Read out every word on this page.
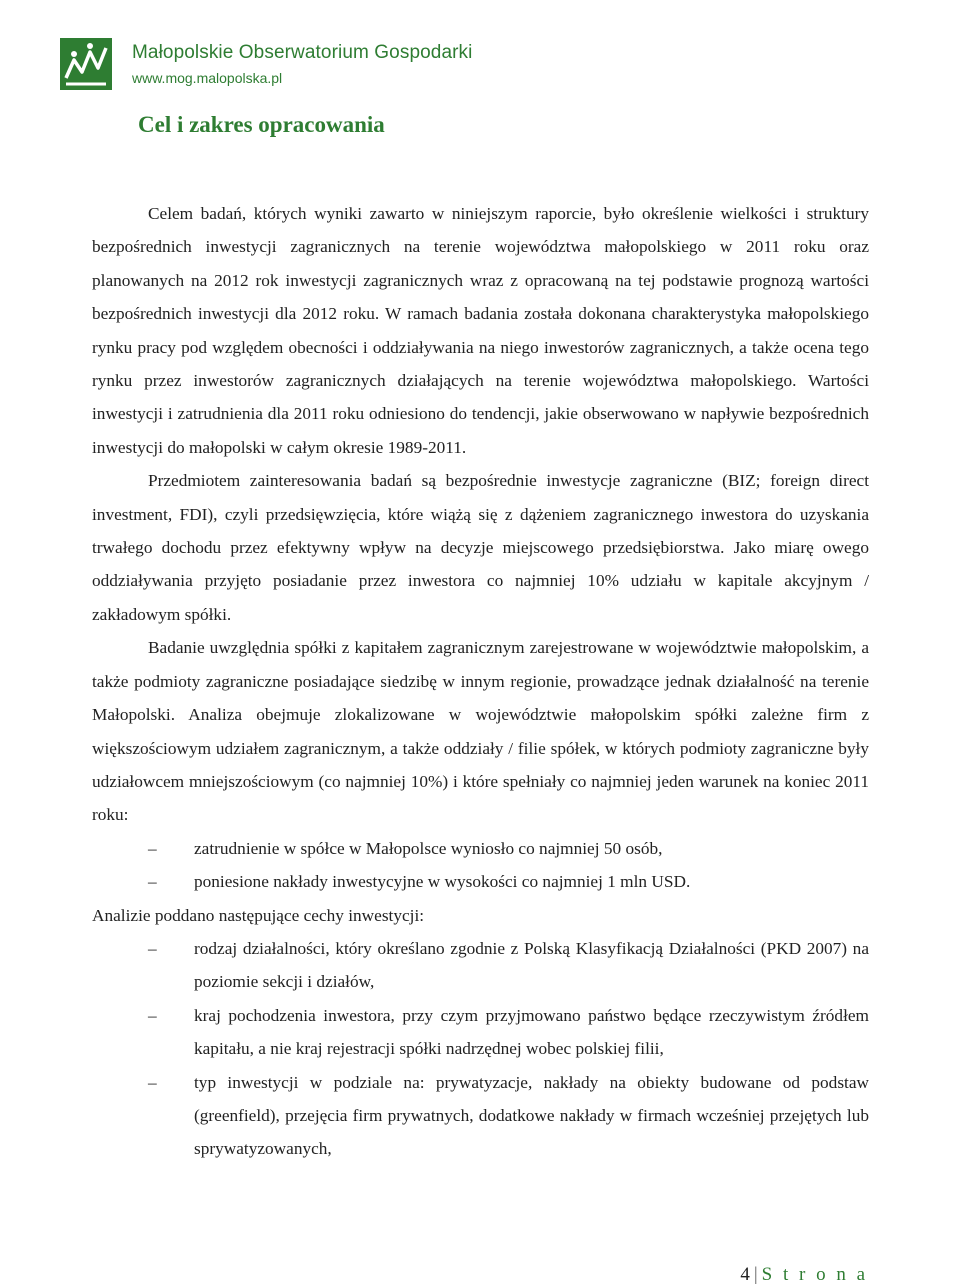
Małopolskie Obserwatorium Gospodarki
www.mog.malopolska.pl
Cel i zakres opracowania

Celem badań, których wyniki zawarto w niniejszym raporcie, było określenie wielkości i struktury bezpośrednich inwestycji zagranicznych na terenie województwa małopolskiego w 2011 roku oraz planowanych na 2012 rok inwestycji zagranicznych wraz z opracowaną na tej podstawie prognozą wartości bezpośrednich inwestycji dla 2012 roku. W ramach badania została dokonana charakterystyka małopolskiego rynku pracy pod względem obecności i oddziaływania na niego inwestorów zagranicznych, a także ocena tego rynku przez inwestorów zagranicznych działających na terenie województwa małopolskiego. Wartości inwestycji i zatrudnienia dla 2011 roku odniesiono do tendencji, jakie obserwowano w napływie bezpośrednich inwestycji do małopolski w całym okresie 1989-2011.

Przedmiotem zainteresowania badań są bezpośrednie inwestycje zagraniczne (BIZ; foreign direct investment, FDI), czyli przedsięwzięcia, które wiążą się z dążeniem zagranicznego inwestora do uzyskania trwałego dochodu przez efektywny wpływ na decyzje miejscowego przedsiębiorstwa. Jako miarę owego oddziaływania przyjęto posiadanie przez inwestora co najmniej 10% udziału w kapitale akcyjnym / zakładowym spółki.

Badanie uwzględnia spółki z kapitałem zagranicznym zarejestrowane w województwie małopolskim, a także podmioty zagraniczne posiadające siedzibę w innym regionie, prowadzące jednak działalność na terenie Małopolski. Analiza obejmuje zlokalizowane w województwie małopolskim spółki zależne firm z większościowym udziałem zagranicznym, a także oddziały / filie spółek, w których podmioty zagraniczne były udziałowcem mniejszościowym (co najmniej 10%) i które spełniały co najmniej jeden warunek na koniec 2011 roku:

–	zatrudnienie w spółce w Małopolsce wyniosło co najmniej 50 osób,
–	poniesione nakłady inwestycyjne w wysokości co najmniej 1 mln USD.

Analizie poddano następujące cechy inwestycji:

–	rodzaj działalności, który określano zgodnie z Polską Klasyfikacją Działalności (PKD 2007) na poziomie sekcji i działów,
–	kraj pochodzenia inwestora, przy czym przyjmowano państwo będące rzeczywistym źródłem kapitału, a nie kraj rejestracji spółki nadrzędnej wobec polskiej filii,
–	typ inwestycji w podziale na: prywatyzacje, nakłady na obiekty budowane od podstaw (greenfield), przejęcia firm prywatnych, dodatkowe nakłady w firmach wcześniej przejętych lub sprywatyzowanych,
4 | S t r o n a
